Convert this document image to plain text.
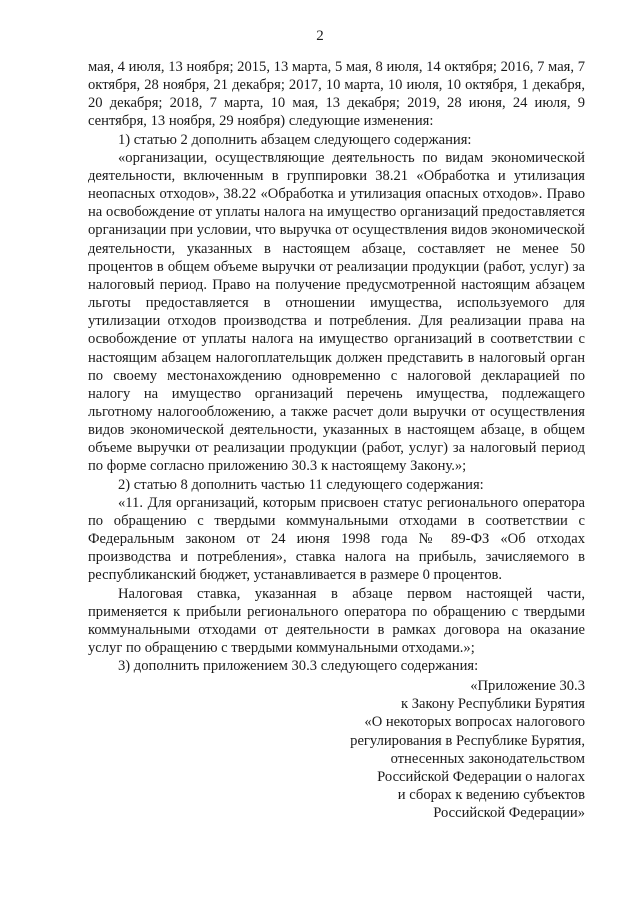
2

мая, 4 июля, 13 ноября; 2015, 13 марта, 5 мая, 8 июля, 14 октября; 2016, 7 мая, 7 октября, 28 ноября, 21 декабря; 2017, 10 марта, 10 июля, 10 октября, 1 декабря, 20 декабря; 2018, 7 марта, 10 мая, 13 декабря; 2019, 28 июня, 24 июля, 9 сентября, 13 ноября, 29 ноября) следующие изменения:

1) статью 2 дополнить абзацем следующего содержания:

«организации, осуществляющие деятельность по видам экономической деятельности, включенным в группировки 38.21 «Обработка и утилизация неопасных отходов», 38.22 «Обработка и утилизация опасных отходов». Право на освобождение от уплаты налога на имущество организаций предоставляется организации при условии, что выручка от осуществления видов экономической деятельности, указанных в настоящем абзаце, составляет не менее 50 процентов в общем объеме выручки от реализации продукции (работ, услуг) за налоговый период. Право на получение предусмотренной настоящим абзацем льготы предоставляется в отношении имущества, используемого для утилизации отходов производства и потребления. Для реализации права на освобождение от уплаты налога на имущество организаций в соответствии с настоящим абзацем налогоплательщик должен представить в налоговый орган по своему местонахождению одновременно с налоговой декларацией по налогу на имущество организаций перечень имущества, подлежащего льготному налогообложению, а также расчет доли выручки от осуществления видов экономической деятельности, указанных в настоящем абзаце, в общем объеме выручки от реализации продукции (работ, услуг) за налоговый период по форме согласно приложению 30.3 к настоящему Закону.»;

2) статью 8 дополнить частью 11 следующего содержания:

«11. Для организаций, которым присвоен статус регионального оператора по обращению с твердыми коммунальными отходами в соответствии с Федеральным законом от 24 июня 1998 года № 89-ФЗ «Об отходах производства и потребления», ставка налога на прибыль, зачисляемого в республиканский бюджет, устанавливается в размере 0 процентов.

Налоговая ставка, указанная в абзаце первом настоящей части, применяется к прибыли регионального оператора по обращению с твердыми коммунальными отходами от деятельности в рамках договора на оказание услуг по обращению с твердыми коммунальными отходами.»;

3) дополнить приложением 30.3 следующего содержания:

«Приложение 30.3
к Закону Республики Бурятия
«О некоторых вопросах налогового
регулирования в Республике Бурятия,
отнесенных законодательством
Российской Федерации о налогах
и сборах к ведению субъектов
Российской Федерации»
